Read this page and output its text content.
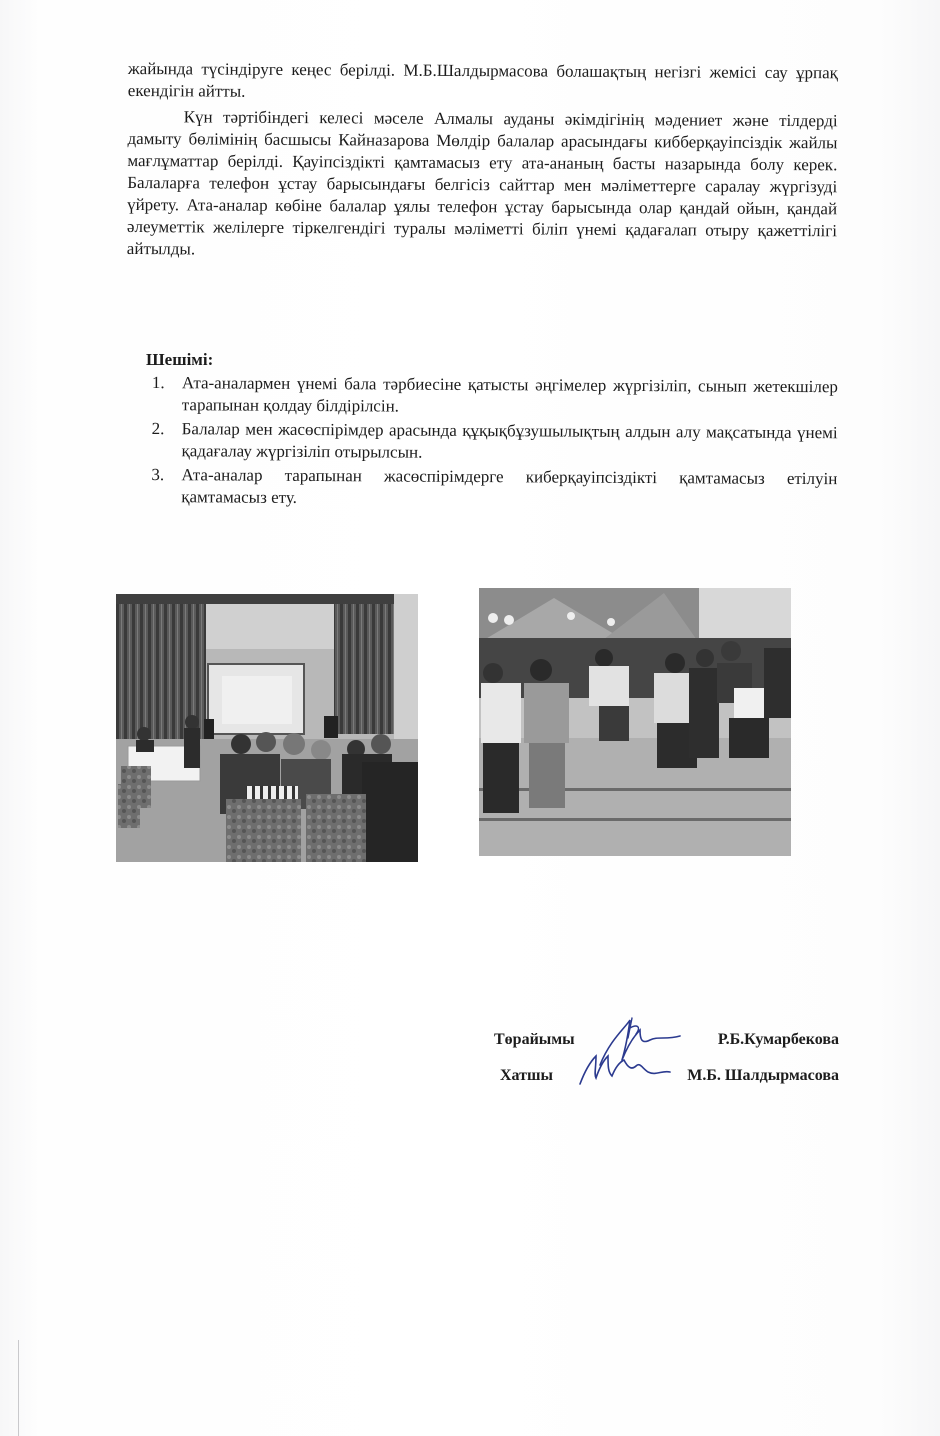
жайында түсіндіруге кеңес берілді. М.Б.Шалдырмасова болашақтың негізгі жемісі сау ұрпақ екендігін айтты.

Күн тәртібіндегі келесі мәселе Алмалы ауданы әкімдігінің мәдениет және тілдерді дамыту бөлімінің басшысы Кайназарова Мөлдір балалар арасындағы кибберқауіпсіздік жайлы мағлұматтар берілді. Қауіпсіздікті қамтамасыз ету ата-ананың басты назарында болу керек. Балаларға телефон ұстау барысындағы белгісіз сайттар мен мәліметтерге саралау жүргізуді үйрету. Ата-аналар көбіне балалар ұялы телефон ұстау барысында олар қандай ойын, қандай әлеуметтік желілерге тіркелгендігі туралы мәліметті біліп үнемі қадағалап отыру қажеттілігі айтылды.

Шешімі:
1.	Ата-аналармен үнемі бала тәрбиесіне қатысты әңгімелер жүргізіліп, сынып жетекшілер тарапынан қолдау білдірілсін.
2.	Балалар мен жасөспірімдер арасында құқықбұзушылықтың алдын алу мақсатында үнемі қадағалау жүргізіліп отырылсын.
3.	Ата-аналар тарапынан жасөспірімдерге киберқауіпсіздікті қамтамасыз етілуін қамтамасыз ету.
Төрайымы	Р.Б.Кумарбекова
Хатшы	М.Б. Шалдырмасова
